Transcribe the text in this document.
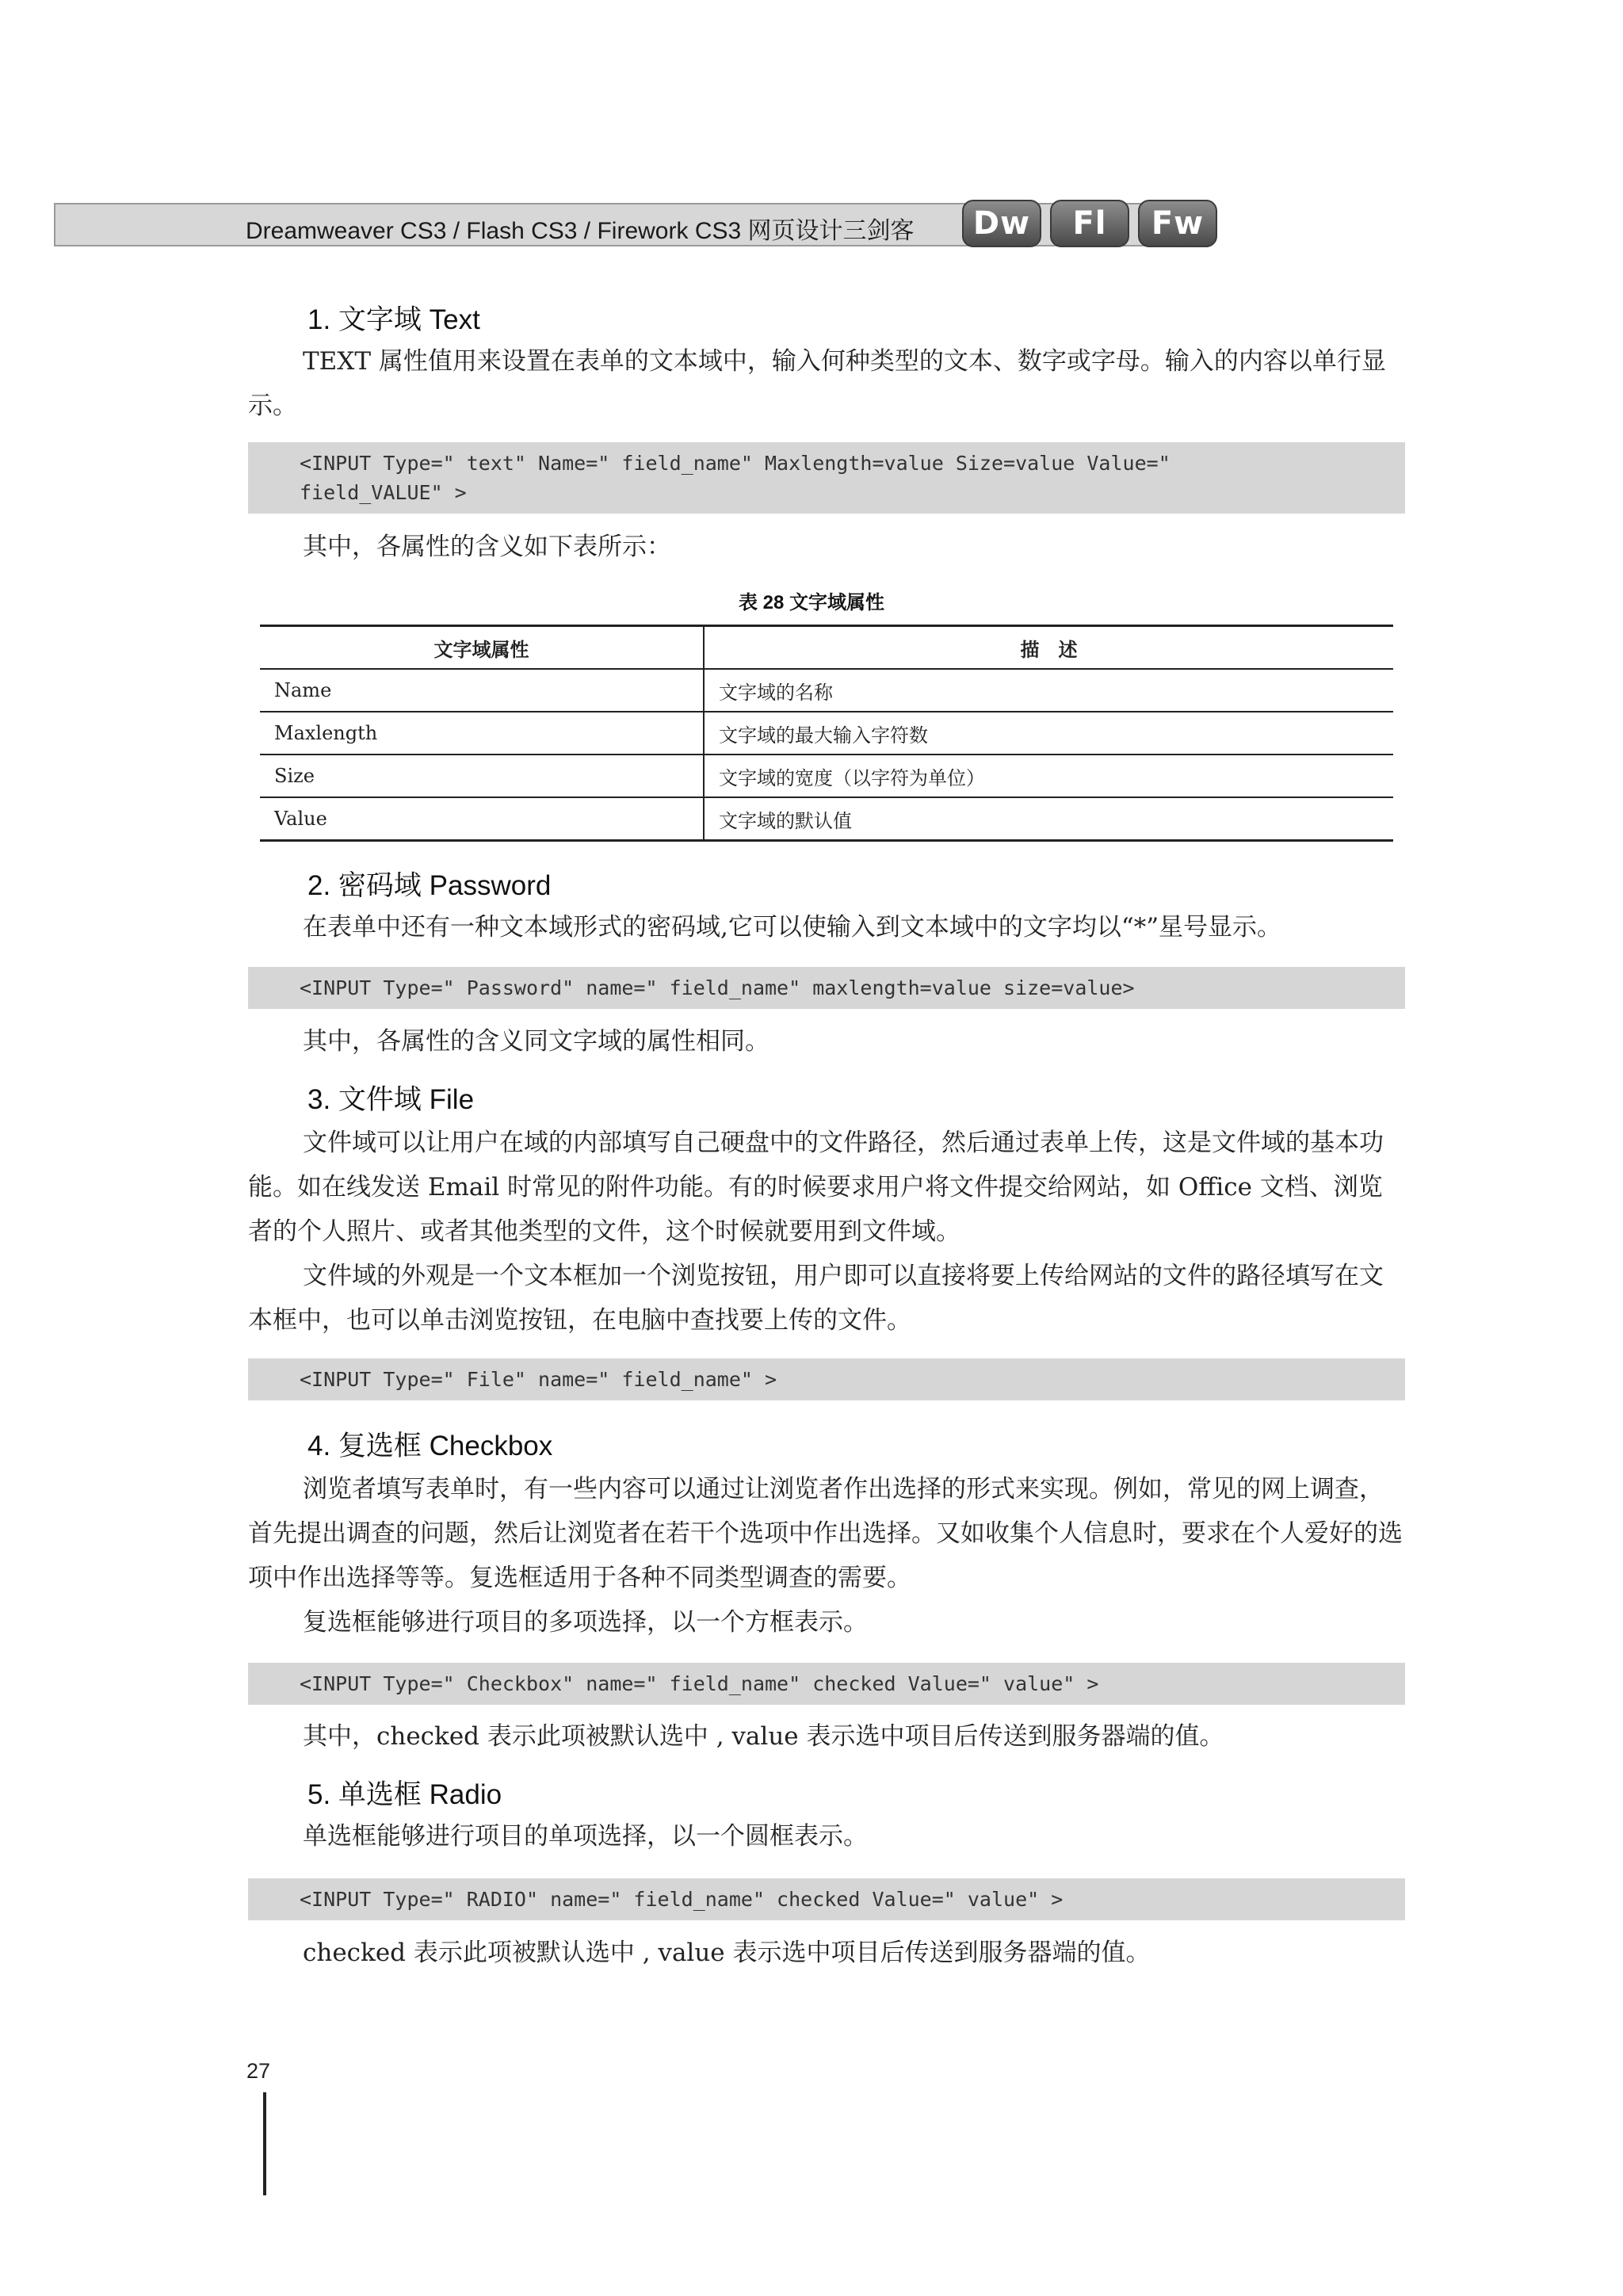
Dreamweaver CS3 / Flash CS3 / Firework CS3 网页设计三剑客	Dw	Fl	Fw
1. 文字域 Text
TEXT 属性值用来设置在表单的文本域中，输入何种类型的文本、数字或字母。输入的内容以单行显示。
<INPUT Type=" text" Name=" field_name" Maxlength=value Size=value Value="
field_VALUE" >
其中，各属性的含义如下表所示：
表 28 文字域属性
文字域属性	描　述
Name	文字域的名称
Maxlength	文字域的最大输入字符数
Size	文字域的宽度（以字符为单位）
Value	文字域的默认值
2. 密码域 Password
在表单中还有一种文本域形式的密码域,它可以使输入到文本域中的文字均以“*”星号显示。
<INPUT Type=" Password" name=" field_name" maxlength=value size=value>
其中，各属性的含义同文字域的属性相同。
3. 文件域 File
文件域可以让用户在域的内部填写自己硬盘中的文件路径，然后通过表单上传，这是文件域的基本功能。如在线发送 Email 时常见的附件功能。有的时候要求用户将文件提交给网站，如 Office 文档、浏览者的个人照片、或者其他类型的文件，这个时候就要用到文件域。
文件域的外观是一个文本框加一个浏览按钮，用户即可以直接将要上传给网站的文件的路径填写在文本框中，也可以单击浏览按钮，在电脑中查找要上传的文件。
<INPUT Type=" File" name=" field_name" >
4. 复选框 Checkbox
浏览者填写表单时，有一些内容可以通过让浏览者作出选择的形式来实现。例如，常见的网上调查，首先提出调查的问题，然后让浏览者在若干个选项中作出选择。又如收集个人信息时，要求在个人爱好的选项中作出选择等等。复选框适用于各种不同类型调查的需要。
复选框能够进行项目的多项选择，以一个方框表示。
<INPUT Type=" Checkbox" name=" field_name" checked Value=" value" >
其中，checked 表示此项被默认选中 , value 表示选中项目后传送到服务器端的值。
5. 单选框 Radio
单选框能够进行项目的单项选择，以一个圆框表示。
<INPUT Type=" RADIO" name=" field_name" checked Value=" value" >
checked 表示此项被默认选中 , value 表示选中项目后传送到服务器端的值。
27
